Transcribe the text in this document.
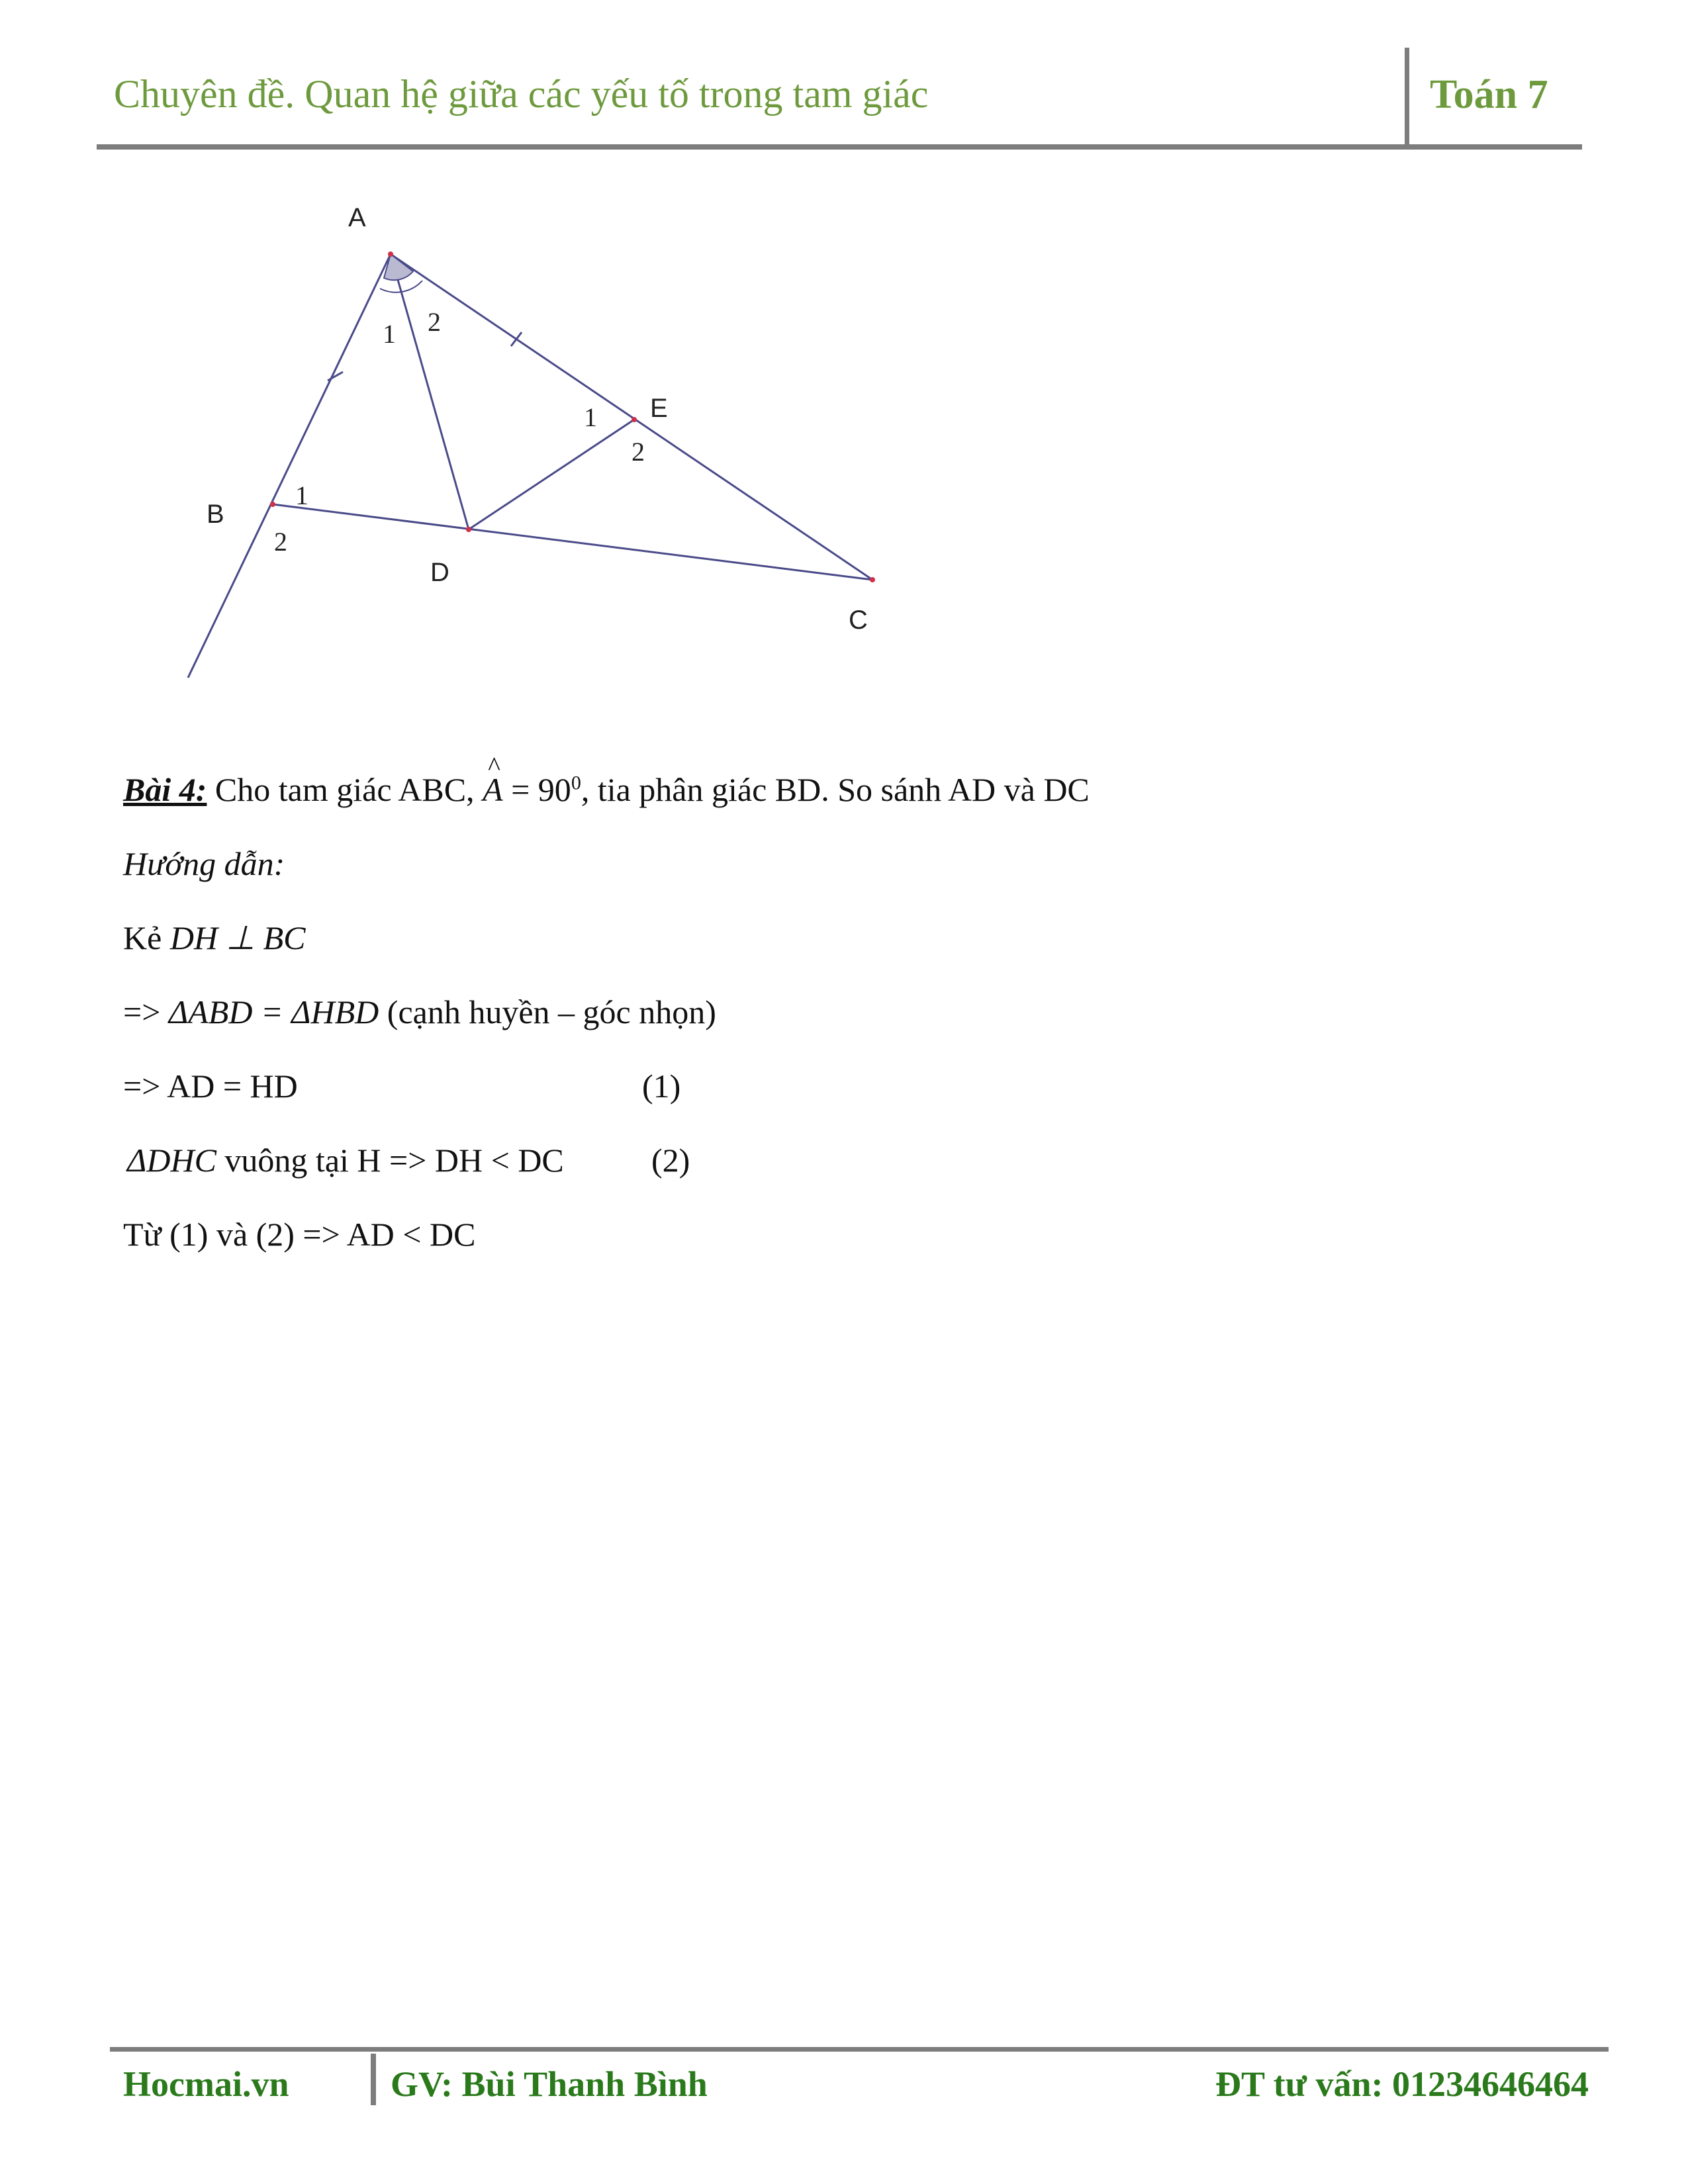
Chuyên đề. Quan hệ giữa các yếu tố trong tam giác	Toán 7
A
B
C
D
E
1 2
1
2
1
2
Bài 4: Cho tam giác ABC, ^ $A = 90^0$, tia phân giác BD. So sánh AD và DC
Hướng dẫn:
Kẻ DH ⊥ BC
=> ΔABD = ΔHBD (cạnh huyền – góc nhọn)
=> AD = HD	(1)
ΔDHC vuông tại H => DH < DC	(2)
Từ (1) và (2) => AD < DC
Hocmai.vn	GV: Bùi Thanh Bình	ĐT tư vấn: 01234646464
